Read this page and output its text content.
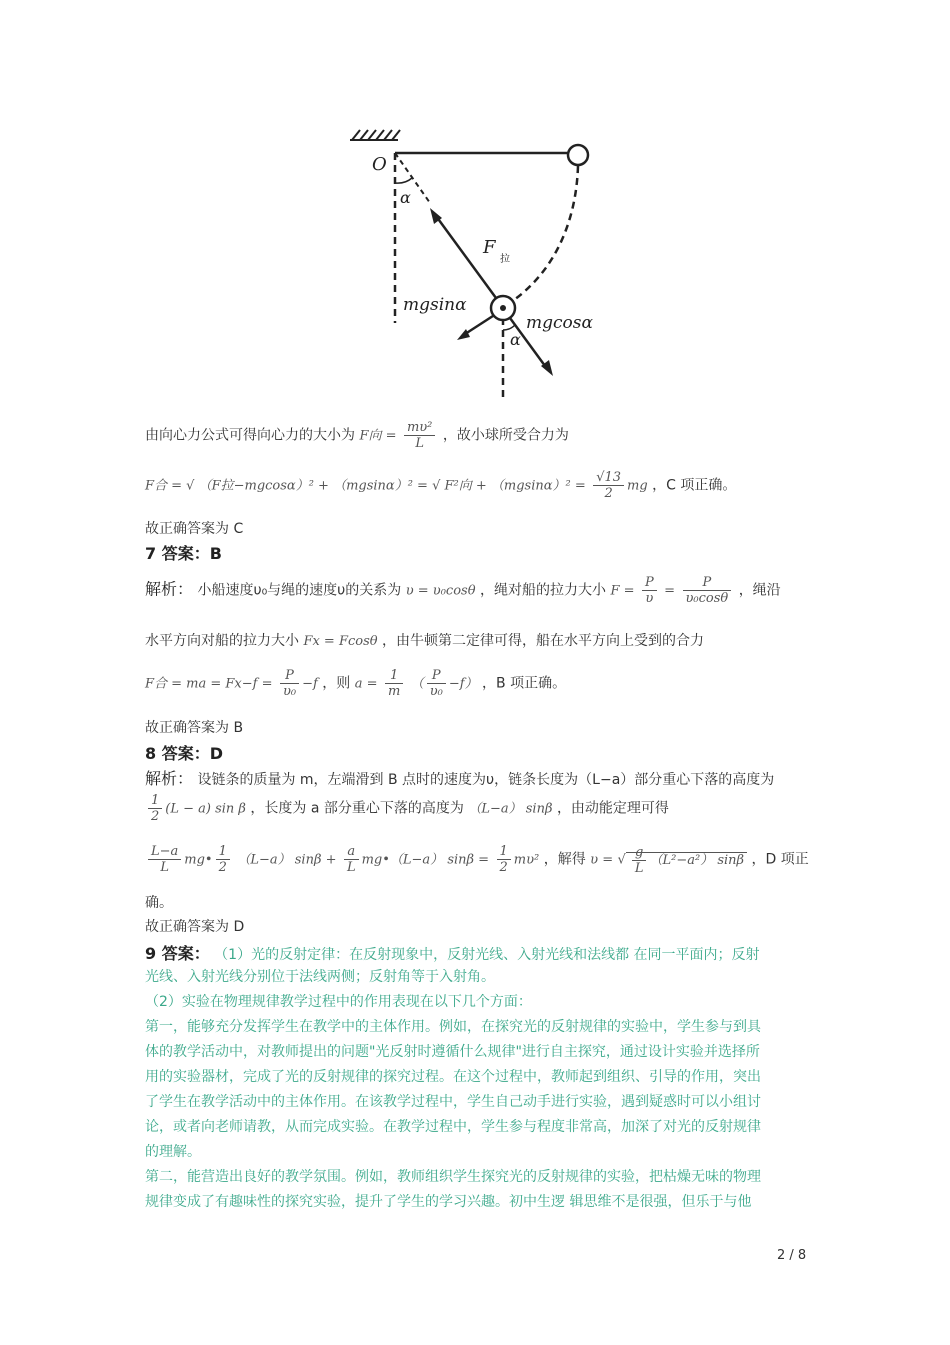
O
α
F
拉
mgsinα
mgcosα
α
由向心力公式可得向心力的大小为 F向 = $\frac{\text{mυ²}}{L}$ ，故小球所受合力为
F合 = √ （F拉−mgcosα）² + （mgsinα）² = √ F²向 + $(mgsin\alpha)^2 = \frac{√13}{2}$ mg ，C 项正确。
故正确答案为 C
7 答案：B
解析： 小船速度υ₀与绳的速度υ的关系为 υ = υ₀cosθ ，绳对船的拉力大小 $F = \frac{P}{\upsilon} = \frac{P}{\text{υ₀cosθ}}$ ，绳沿
水平方向对船的拉力大小 Fx = Fcosθ ，由牛顿第二定律可得，船在水平方向上受到的合力
F合 = ma = $Fx-f = \frac{P}{\text{υ₀}} -f$ ，则 $a = \frac{1}{m}$ （ $\frac{P}{\text{υ₀}} -f$） ，B 项正确。
故正确答案为 B
8 答案：D
解析： 设链条的质量为 m，左端滑到 B 点时的速度为υ，链条长度为（L−a）部分重心下落的高度为
$\frac{1}{2} (L - a)$ sin β ，长度为 a 部分重心下落的高度为 （L−a） sinβ ，由动能定理可得
$\frac{L-a}{L}$ mg• $\frac{1}{2} (L-a) \sin\beta + \frac{a}{L}$ mg•（L−a） $\sin\beta = \frac{1}{2} m\upsilon^2$ ，解得 υ = √ $\frac{g}{L} (L^2-a^2)$ sinβ ，D 项正
确。
故正确答案为 D
9 答案： （1）光的反射定律：在反射现象中，反射光线、入射光线和法线都 在同一平面内；反射
光线、入射光线分别位于法线两侧；反射角等于入射角。
（2）实验在物理规律教学过程中的作用表现在以下几个方面：
第一，能够充分发挥学生在教学中的主体作用。例如，在探究光的反射规律的实验中，学生参与到具
体的教学活动中，对教师提出的问题"光反射时遵循什么规律"进行自主探究，通过设计实验并选择所
用的实验器材，完成了光的反射规律的探究过程。在这个过程中，教师起到组织、引导的作用，突出
了学生在教学活动中的主体作用。在该教学过程中，学生自己动手进行实验，遇到疑惑时可以小组讨
论，或者向老师请教，从而完成实验。在教学过程中，学生参与程度非常高，加深了对光的反射规律
的理解。
第二，能营造出良好的教学氛围。例如，教师组织学生探究光的反射规律的实验，把枯燥无味的物理
规律变成了有趣味性的探究实验，提升了学生的学习兴趣。初中生逻 辑思维不是很强，但乐于与他
2 / 8
